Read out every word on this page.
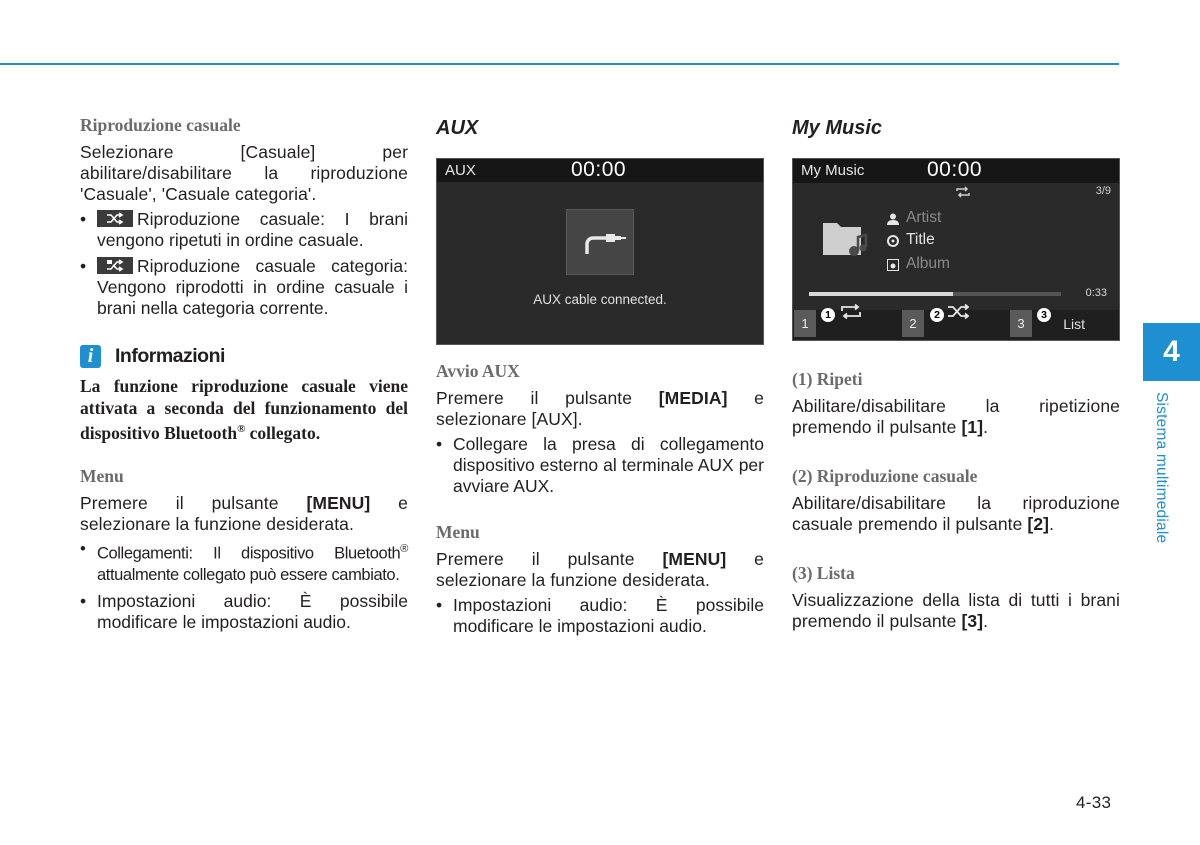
Riproduzione casuale

Selezionare [Casuale] per abilitare/disabilitare la riproduzione 'Casuale', 'Casuale categoria'.

• Riproduzione casuale: I brani vengono ripetuti in ordine casuale.
• Riproduzione casuale categoria: Vengono riprodotti in ordine casuale i brani nella categoria corrente.
i	Informazioni

La funzione riproduzione casuale viene attivata a seconda del funzionamento del dispositivo Bluetooth® collegato.

Menu

Premere il pulsante [MENU] e selezionare la funzione desiderata.

• Collegamenti: Il dispositivo Bluetooth® attualmente collegato può essere cambiato.
• Impostazioni audio: È possibile modificare le impostazioni audio.
AUX
AUX	00:00
AUX cable connected.
Avvio AUX

Premere il pulsante [MEDIA] e selezionare [AUX].

• Collegare la presa di collegamento dispositivo esterno al terminale AUX per avviare AUX.
Menu

Premere il pulsante [MENU] e selezionare la funzione desiderata.

• Impostazioni audio: È possibile modificare le impostazioni audio.
My Music
My Music	00:00
3/9
Artist
Title
Album
0:33
1	2	3	List
1	2	3
(1) Ripeti

Abilitare/disabilitare la ripetizione premendo il pulsante [1].

(2) Riproduzione casuale

Abilitare/disabilitare la riproduzione casuale premendo il pulsante [2].

(3) Lista

Visualizzazione della lista di tutti i brani premendo il pulsante [3].

4
Sistema multimediale
4-33
